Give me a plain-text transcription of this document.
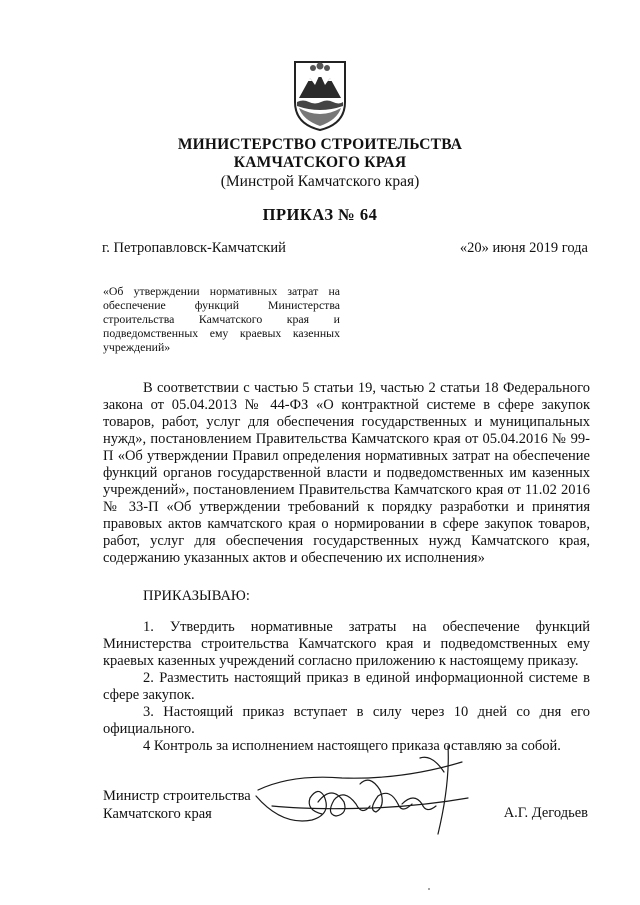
МИНИСТЕРСТВО СТРОИТЕЛЬСТВА
КАМЧАТСКОГО КРАЯ
(Минстрой Камчатского края)
ПРИКАЗ № 64
г. Петропавловск-Камчатский	«20» июня 2019 года
«Об утверждении нормативных затрат на обеспечение функций Министерства строительства Камчатского края и подведомственных ему краевых казенных учреждений»
В соответствии с частью 5 статьи 19, частью 2 статьи 18 Федерального закона от 05.04.2013 № 44-ФЗ «О контрактной системе в сфере закупок товаров, работ, услуг для обеспечения государственных и муниципальных нужд», постановлением Правительства Камчатского края от 05.04.2016 № 99-П «Об утверждении Правил определения нормативных затрат на обеспечение функций органов государственной власти и подведомственных им казенных учреждений», постановлением Правительства Камчатского края от 11.02 2016 № 33-П «Об утверждении требований к порядку разработки и принятия правовых актов камчатского края о нормировании в сфере закупок товаров, работ, услуг для обеспечения государственных нужд Камчатского края, содержанию указанных актов и обеспечению их исполнения»
ПРИКАЗЫВАЮ:
1. Утвердить нормативные затраты на обеспечение функций Министерства строительства Камчатского края и подведомственных ему краевых казенных учреждений согласно приложению к настоящему приказу.
2. Разместить настоящий приказ в единой информационной системе в сфере закупок.
3. Настоящий приказ вступает в силу через 10 дней со дня его официального.
4 Контроль за исполнением настоящего приказа оставляю за собой.
Министр строительства
Камчатского края	А.Г. Дегодьев
